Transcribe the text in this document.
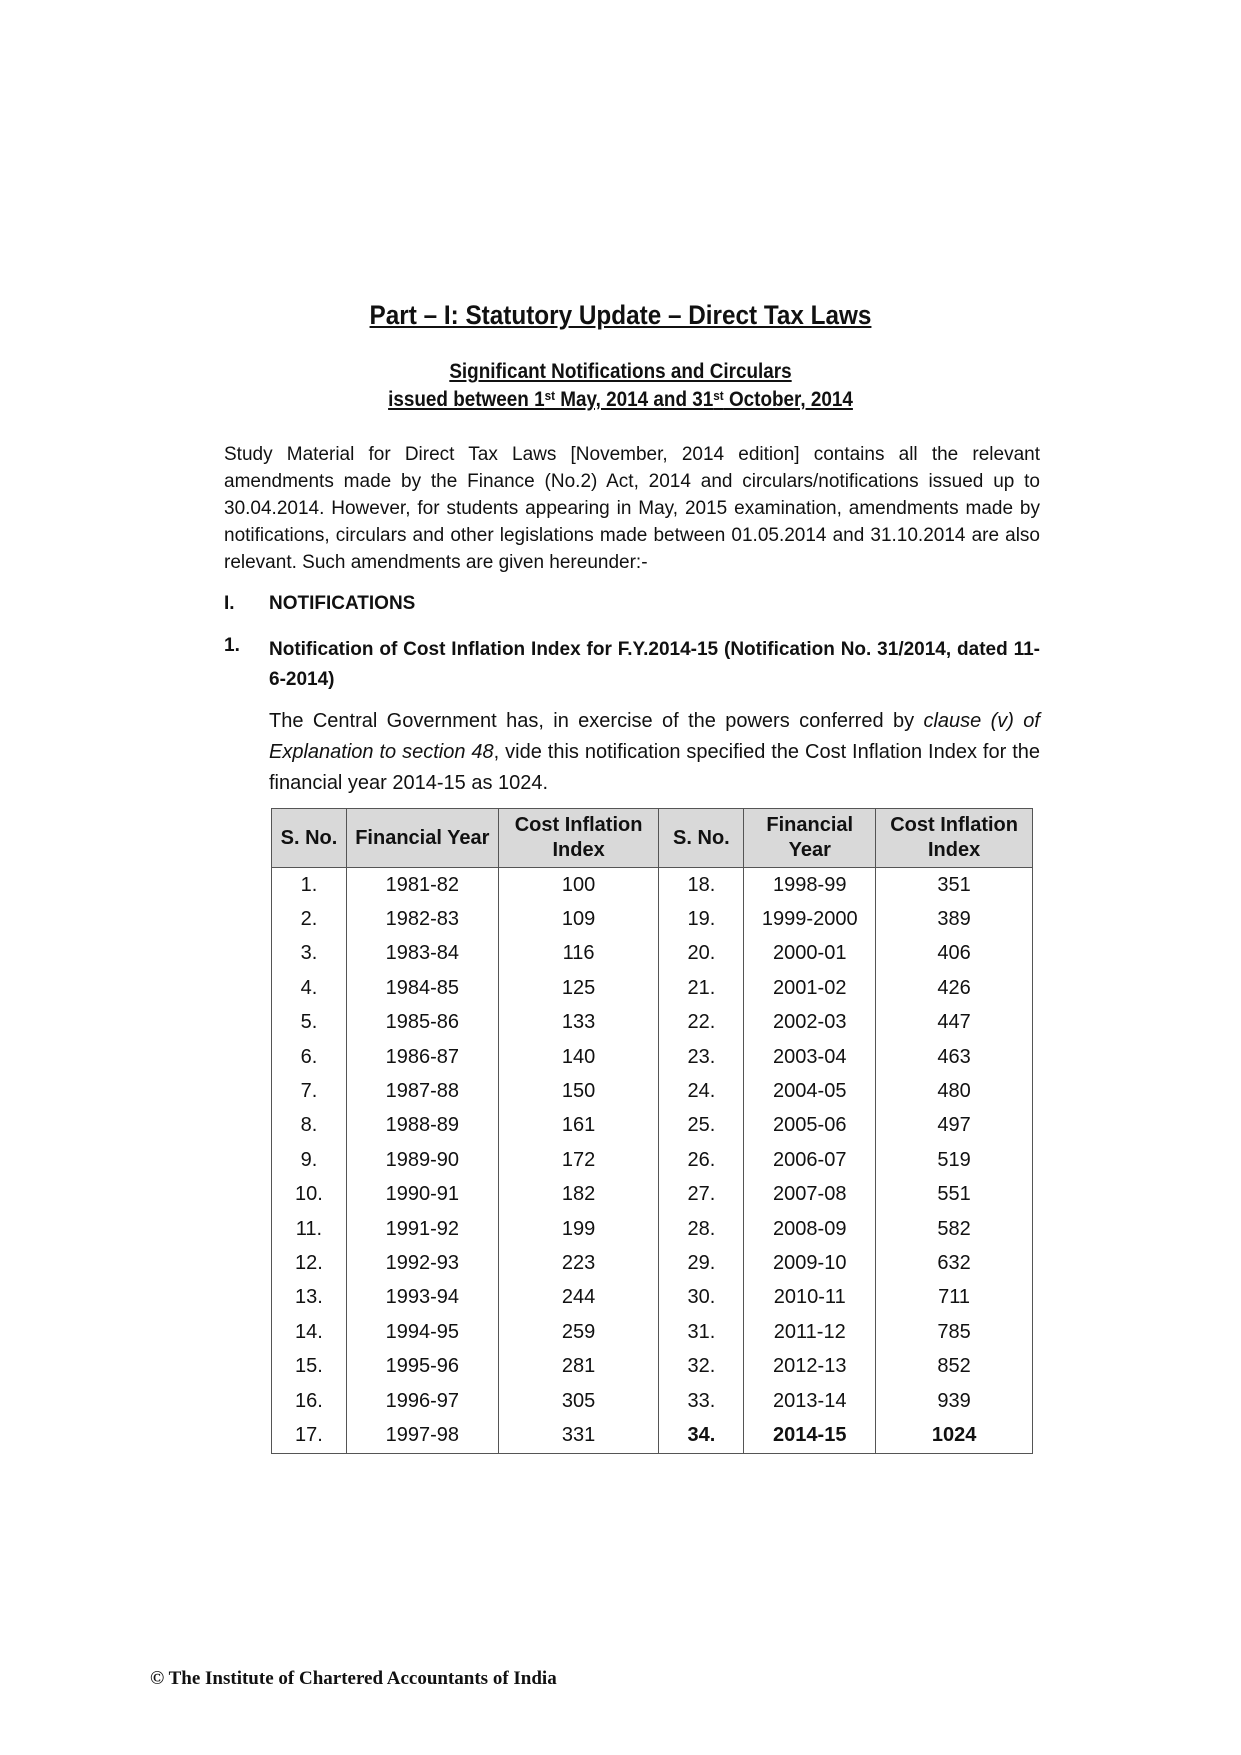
Part – I: Statutory Update – Direct Tax Laws
Significant Notifications and Circulars
issued between 1st May, 2014 and 31st October, 2014
Study Material for Direct Tax Laws [November, 2014 edition] contains all the relevant amendments made by the Finance (No.2) Act, 2014 and circulars/notifications issued up to 30.04.2014. However, for students appearing in May, 2015 examination, amendments made by notifications, circulars and other legislations made between 01.05.2014 and 31.10.2014 are also relevant. Such amendments are given hereunder:-
I. NOTIFICATIONS
1. Notification of Cost Inflation Index for F.Y.2014-15 (Notification No. 31/2014, dated 11-6-2014)
The Central Government has, in exercise of the powers conferred by clause (v) of Explanation to section 48, vide this notification specified the Cost Inflation Index for the financial year 2014-15 as 1024.
S. No.	Financial Year	Cost Inflation Index	S. No.	Financial Year	Cost Inflation Index
1.	1981-82	100	18.	1998-99	351
2.	1982-83	109	19.	1999-2000	389
3.	1983-84	116	20.	2000-01	406
4.	1984-85	125	21.	2001-02	426
5.	1985-86	133	22.	2002-03	447
6.	1986-87	140	23.	2003-04	463
7.	1987-88	150	24.	2004-05	480
8.	1988-89	161	25.	2005-06	497
9.	1989-90	172	26.	2006-07	519
10.	1990-91	182	27.	2007-08	551
11.	1991-92	199	28.	2008-09	582
12.	1992-93	223	29.	2009-10	632
13.	1993-94	244	30.	2010-11	711
14.	1994-95	259	31.	2011-12	785
15.	1995-96	281	32.	2012-13	852
16.	1996-97	305	33.	2013-14	939
17.	1997-98	331	34.	2014-15	1024
© The Institute of Chartered Accountants of India
